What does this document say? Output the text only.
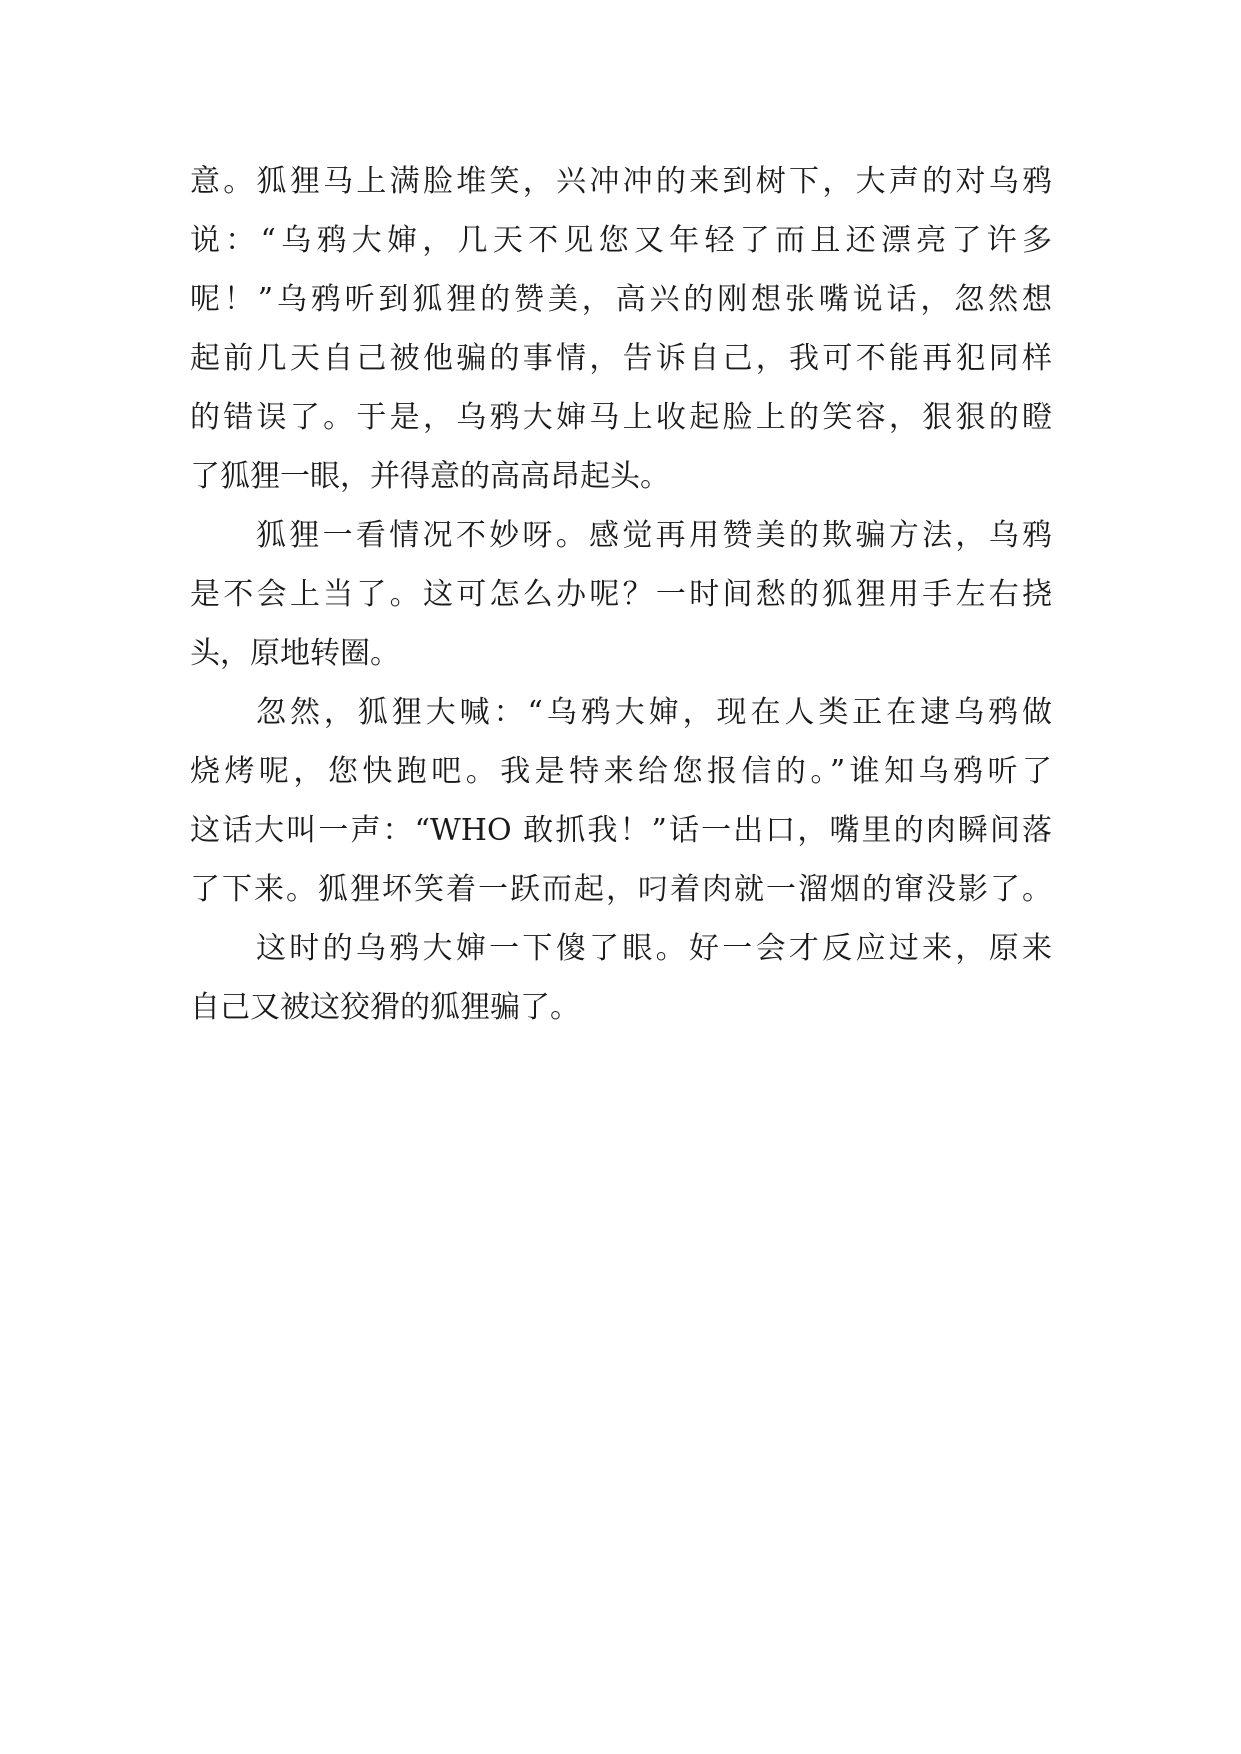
意。狐狸马上满脸堆笑，兴冲冲的来到树下，大声的对乌鸦
说：“乌鸦大婶，几天不见您又年轻了而且还漂亮了许多
呢！”乌鸦听到狐狸的赞美，高兴的刚想张嘴说话，忽然想
起前几天自己被他骗的事情，告诉自己，我可不能再犯同样
的错误了。于是，乌鸦大婶马上收起脸上的笑容，狠狠的瞪
了狐狸一眼，并得意的高高昂起头。
狐狸一看情况不妙呀。感觉再用赞美的欺骗方法，乌鸦
是不会上当了。这可怎么办呢？一时间愁的狐狸用手左右挠
头，原地转圈。
忽然，狐狸大喊：“乌鸦大婶，现在人类正在逮乌鸦做
烧烤呢，您快跑吧。我是特来给您报信的。”谁知乌鸦听了
这话大叫一声：“WHO 敢抓我！”话一出口，嘴里的肉瞬间落
了下来。狐狸坏笑着一跃而起，叼着肉就一溜烟的窜没影了。
这时的乌鸦大婶一下傻了眼。好一会才反应过来，原来
自己又被这狡猾的狐狸骗了。
